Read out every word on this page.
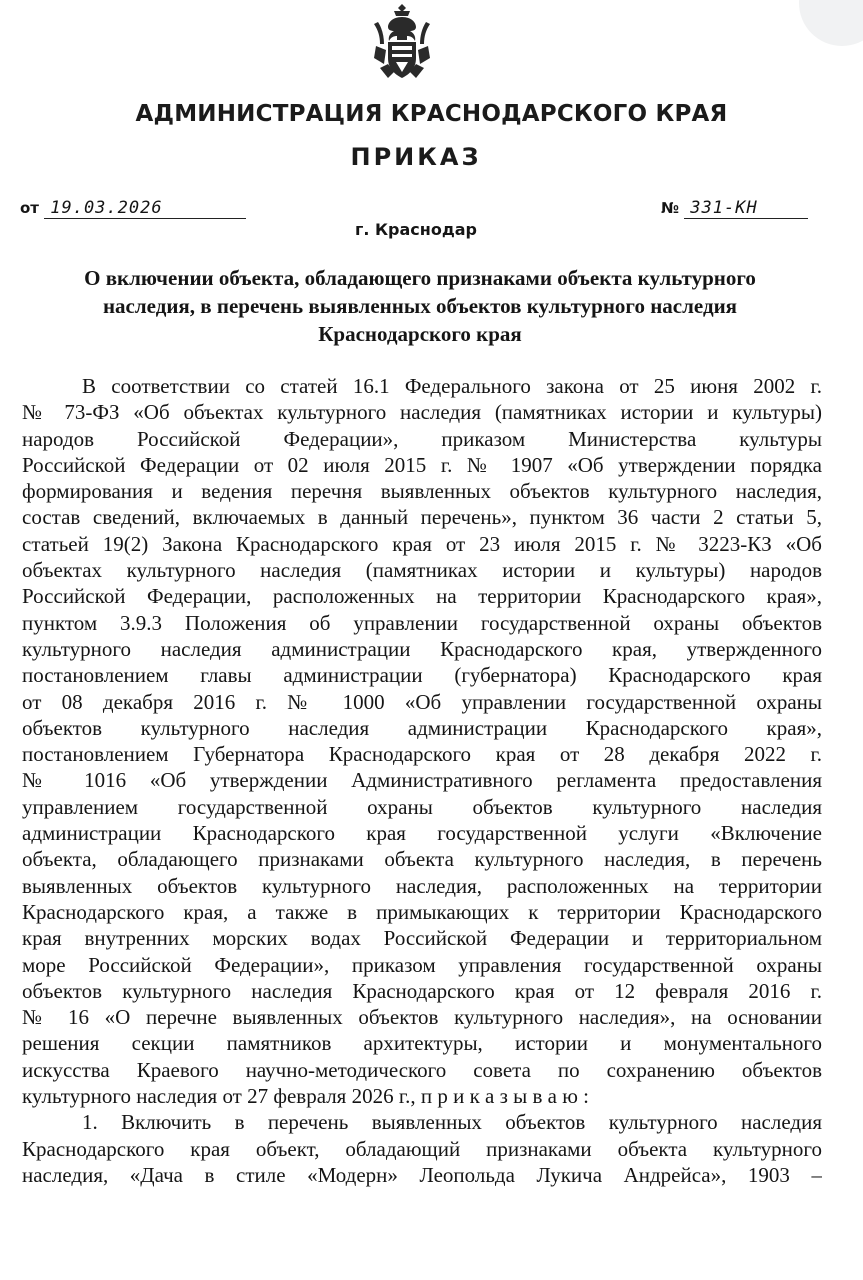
АДМИНИСТРАЦИЯ КРАСНОДАРСКОГО КРАЯ
ПРИКАЗ
от 19.03.2026	№ 331-КН
г. Краснодар
О включении объекта, обладающего признаками объекта культурного
наследия, в перечень выявленных объектов культурного наследия
Краснодарского края
В соответствии со статей 16.1 Федерального закона от 25 июня 2002 г.
№ 73-ФЗ «Об объектах культурного наследия (памятниках истории и культуры)
народов Российской Федерации», приказом Министерства культуры
Российской Федерации от 02 июля 2015 г. № 1907 «Об утверждении порядка
формирования и ведения перечня выявленных объектов культурного наследия,
состав сведений, включаемых в данный перечень», пунктом 36 части 2 статьи 5,
статьей 19(2) Закона Краснодарского края от 23 июля 2015 г. № 3223-КЗ «Об
объектах культурного наследия (памятниках истории и культуры) народов
Российской Федерации, расположенных на территории Краснодарского края»,
пунктом 3.9.3 Положения об управлении государственной охраны объектов
культурного наследия администрации Краснодарского края, утвержденного
постановлением главы администрации (губернатора) Краснодарского края
от 08 декабря 2016 г. № 1000 «Об управлении государственной охраны
объектов культурного наследия администрации Краснодарского края»,
постановлением Губернатора Краснодарского края от 28 декабря 2022 г.
№ 1016 «Об утверждении Административного регламента предоставления
управлением государственной охраны объектов культурного наследия
администрации Краснодарского края государственной услуги «Включение
объекта, обладающего признаками объекта культурного наследия, в перечень
выявленных объектов культурного наследия, расположенных на территории
Краснодарского края, а также в примыкающих к территории Краснодарского
края внутренних морских водах Российской Федерации и территориальном
море Российской Федерации», приказом управления государственной охраны
объектов культурного наследия Краснодарского края от 12 февраля 2016 г.
№ 16 «О перечне выявленных объектов культурного наследия», на основании
решения секции памятников архитектуры, истории и монументального
искусства Краевого научно-методического совета по сохранению объектов
культурного наследия от 27 февраля 2026 г., п р и к а з ы в а ю :
1. Включить в перечень выявленных объектов культурного наследия
Краснодарского края объект, обладающий признаками объекта культурного
наследия, «Дача в стиле «Модерн» Леопольда Лукича Андрейса», 1903 –
